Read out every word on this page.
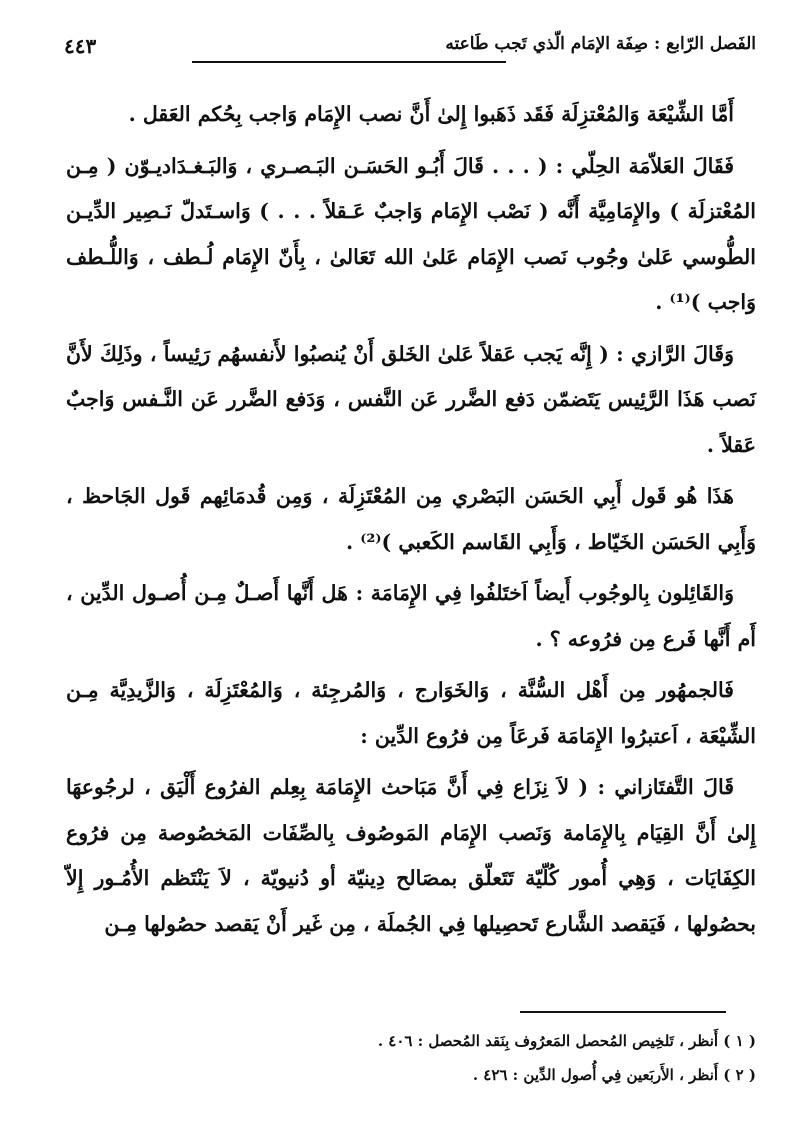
الفَصل الرّابع : صِفَة الإمَام الّذي تَجب طَاعته
٤٤٣

أَمَّا الشِّيْعَة وَالمُعْتزِلَة فَقَد ذَهَبوا إِلىٰ أَنَّ نصب الإِمَام وَاجب بِحُكم العَقل .

فَقَالَ العَلاّمَة الحِلّي : ( . . . قَالَ أَبُـو الحَسَـن البَـصـري ، وَالبَـغـدَاديـوّن ( مِـن المُعْتزلَة ) والإِمَامِيَّة أَنَّه ( نَصْب الإِمَام وَاجبٌ عَـقلاً . . . ) وَاسـتَدلّ نَـصِير الدِّيـن الطُّوسي عَلىٰ وجُوب نَصب الإِمَام عَلىٰ الله تَعَالىٰ ، بِأَنّ الإِمَام لُـطف ، وَاللُّـطف وَاجب )⁽¹⁾ .

وَقَالَ الرَّازي : ( إِنَّه يَجب عَقلاً عَلىٰ الخَلق أَنْ يُنصبُوا لأَنفسهُم رَئِيساً ، وذَلِكَ لأَنَّ نَصب هَذَا الرَّئِيس يَتَضمّن دَفع الضَّرر عَن النَّفس ، وَدَفع الضَّرر عَن النَّـفس وَاجبٌ عَقلاً .

هَذَا هُو قَول أَبِي الحَسَن البَصْري مِن المُعْتَزِلَة ، وَمِن قُدمَائِهم قَول الجَاحظ ، وَأَبِي الحَسَن الخَيّاط ، وَأَبِي القَاسم الكَعبي )⁽²⁾ .

وَالقَائِلون بِالوجُوب أَيضاً اَختَلفُوا فِي الإِمَامَة : هَل أَنَّها أَصـلٌ مِـن أُصـول الدِّين ، أَم أَنَّها فَرع مِن فرُوعه ؟ .

فَالجمهُور مِن أَهْل السُّنَّة ، وَالخَوَارج ، وَالمُرجِئة ، وَالمُعْتَزِلَة ، وَالزَّيدِيَّة مِـن الشِّيْعَة ، اَعتبرُوا الإِمَامَة فَرعَاً مِن فرُوع الدِّين :

قَالَ التَّفتَازاني : ( لاَ نِزَاع فِي أَنَّ مَبَاحث الإِمَامَة بِعِلم الفرُوع أَلْيَق ، لرجُوعهَا إِلىٰ أَنَّ القِيَام بِالإِمَامة وَنَصب الإِمَام المَوصُوف بِالصِّفَات المَخصُوصة مِن فرُوع الكِفَايَات ، وَهِي أُمور كُلّيّة تَتَعلّق بمصَالح دِينيّة أو دُنيويّة ، لاَ يَنْتَظم الأُمُـور إِلاّ بحصُولها ، فَيَقصد الشَّارع تَحصِيلها فِي الجُملَة ، مِن غَير أَنْ يَقصد حصُولها مِـن

( ١ ) أَنظر ، تَلخِيص المُحصل المَعرُوف بِنَقد المُحصل : ٤٠٦ .

( ٢ ) أَنظر ، الأَربَعين فِي أُصول الدِّين : ٤٢٦ .
